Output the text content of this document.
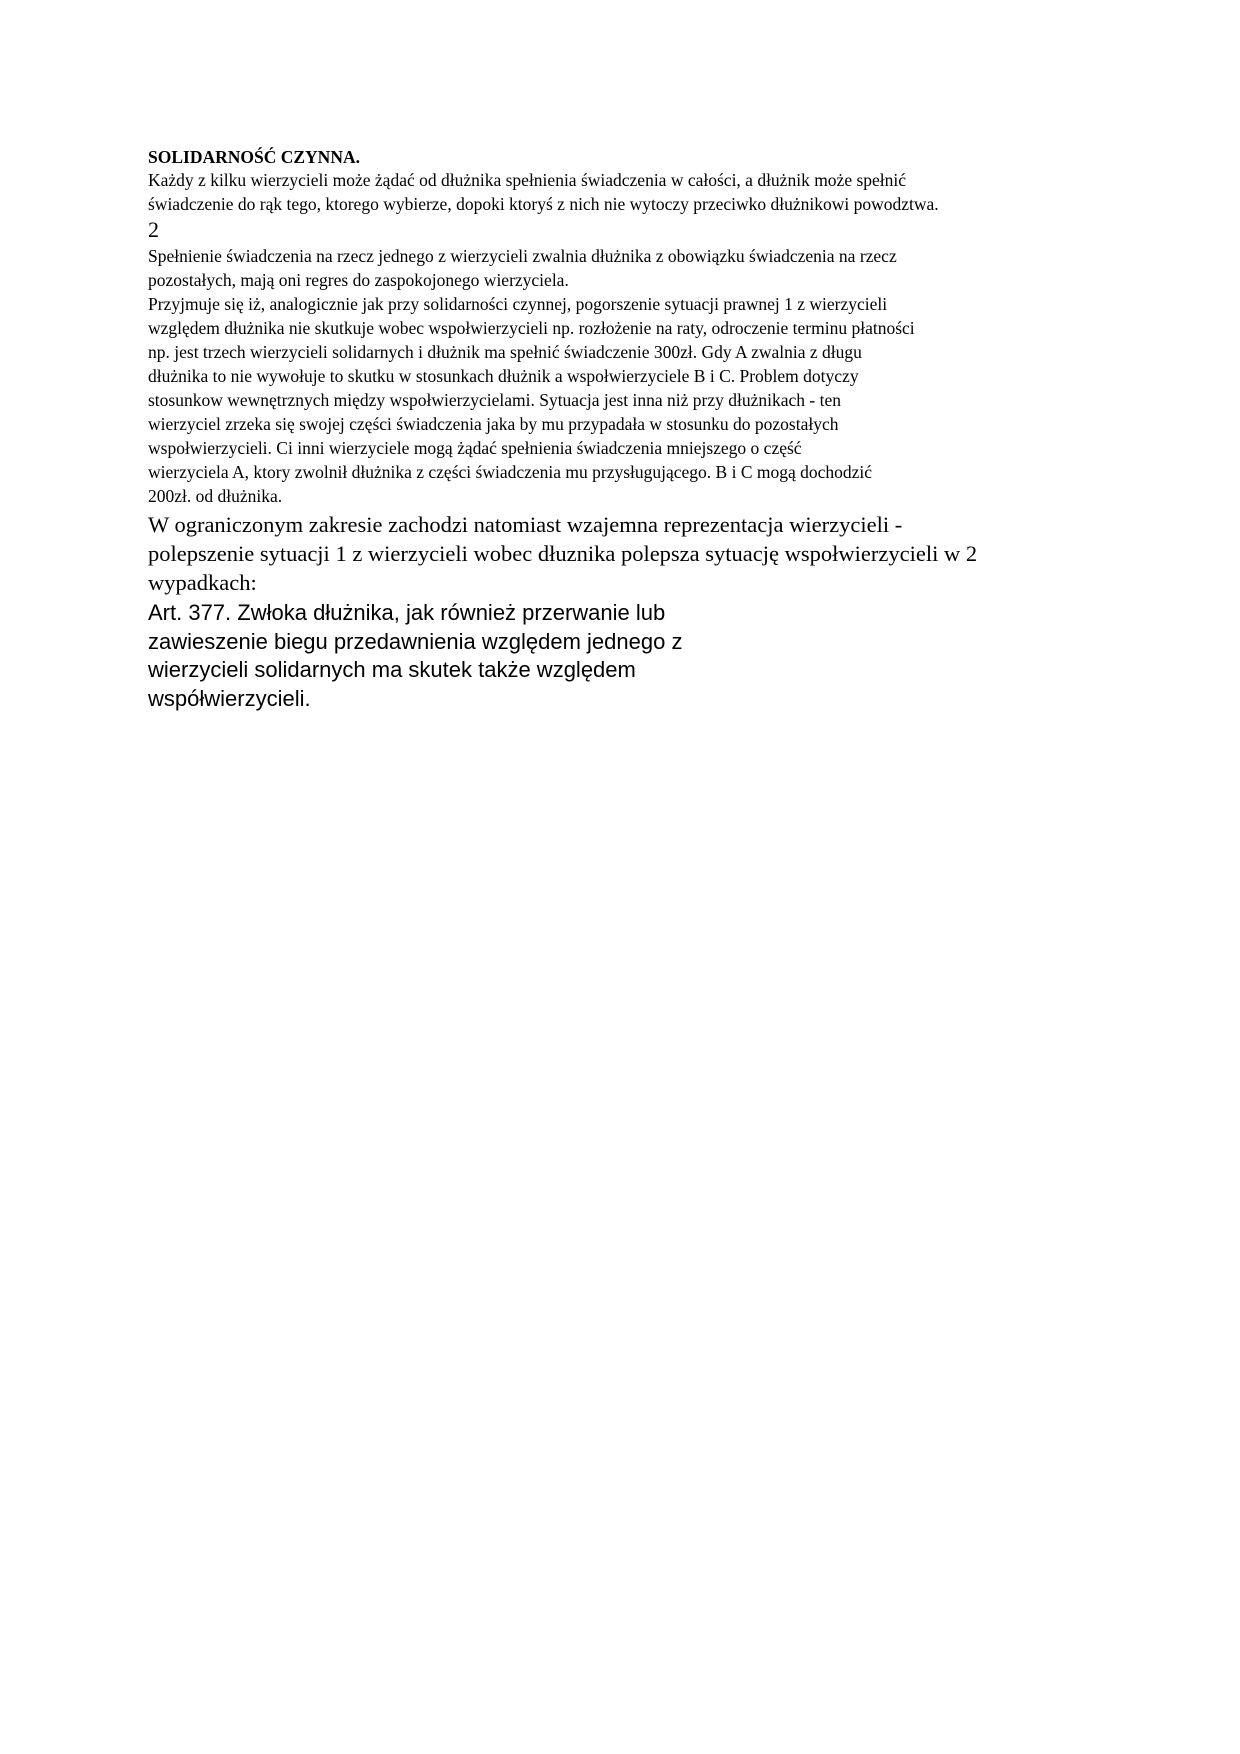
SOLIDARNOŚĆ CZYNNA.

Każdy z kilku wierzycieli może żądać od dłużnika spełnienia świadczenia w całości, a dłużnik może spełnić
świadczenie do rąk tego, ktorego wybierze, dopoki ktoryś z nich nie wytoczy przeciwko dłużnikowi powodztwa.

2

Spełnienie świadczenia na rzecz jednego z wierzycieli zwalnia dłużnika z obowiązku świadczenia na rzecz
pozostałych, mają oni regres do zaspokojonego wierzyciela.
Przyjmuje się iż, analogicznie jak przy solidarności czynnej, pogorszenie sytuacji prawnej 1 z wierzycieli
względem dłużnika nie skutkuje wobec wspołwierzycieli np. rozłożenie na raty, odroczenie terminu płatności
np. jest trzech wierzycieli solidarnych i dłużnik ma spełnić świadczenie 300zł. Gdy A zwalnia z długu
dłużnika to nie wywołuje to skutku w stosunkach dłużnik a wspołwierzyciele B i C. Problem dotyczy
stosunkow wewnętrznych między wspołwierzycielami. Sytuacja jest inna niż przy dłużnikach - ten
wierzyciel zrzeka się swojej części świadczenia jaka by mu przypadała w stosunku do pozostałych
wspołwierzycieli. Ci inni wierzyciele mogą żądać spełnienia świadczenia mniejszego o część
wierzyciela A, ktory zwolnił dłużnika z części świadczenia mu przysługującego. B i C mogą dochodzić
200zł. od dłużnika.

W ograniczonym zakresie zachodzi natomiast wzajemna reprezentacja wierzycieli -
polepszenie sytuacji 1 z wierzycieli wobec dłuznika polepsza sytuację wspołwierzycieli w 2
wypadkach:

Art. 377. Zwłoka dłużnika, jak również przerwanie lub
zawieszenie biegu przedawnienia względem jednego z
wierzycieli solidarnych ma skutek także względem
współwierzycieli.
